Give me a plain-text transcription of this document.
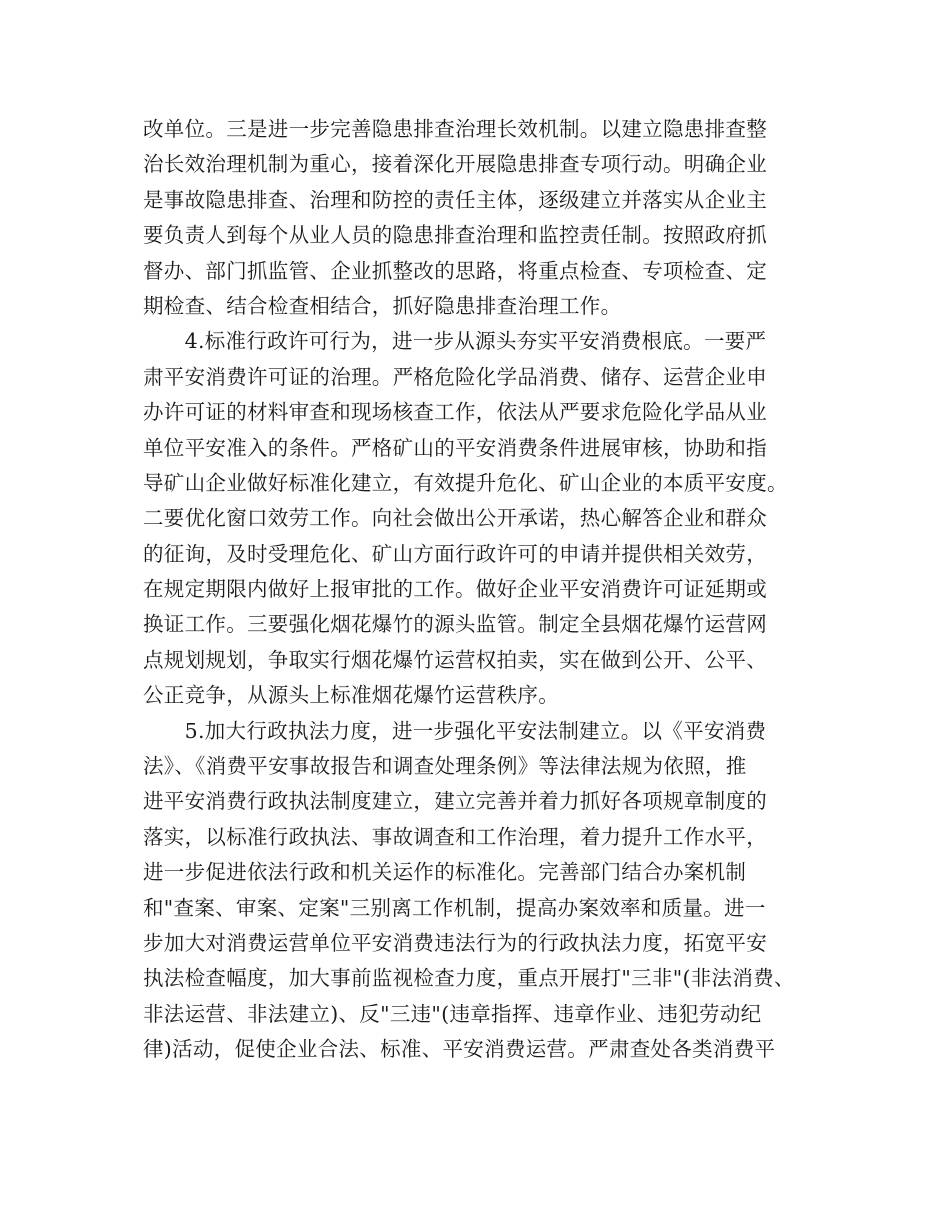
改单位。三是进一步完善隐患排查治理长效机制。以建立隐患排查整
治长效治理机制为重心，接着深化开展隐患排查专项行动。明确企业
是事故隐患排查、治理和防控的责任主体，逐级建立并落实从企业主
要负责人到每个从业人员的隐患排查治理和监控责任制。按照政府抓
督办、部门抓监管、企业抓整改的思路，将重点检查、专项检查、定
期检查、结合检查相结合，抓好隐患排查治理工作。
　　4.标准行政许可行为，进一步从源头夯实平安消费根底。一要严
肃平安消费许可证的治理。严格危险化学品消费、储存、运营企业申
办许可证的材料审查和现场核查工作，依法从严要求危险化学品从业
单位平安准入的条件。严格矿山的平安消费条件进展审核，协助和指
导矿山企业做好标准化建立，有效提升危化、矿山企业的本质平安度。
二要优化窗口效劳工作。向社会做出公开承诺，热心解答企业和群众
的征询，及时受理危化、矿山方面行政许可的申请并提供相关效劳，
在规定期限内做好上报审批的工作。做好企业平安消费许可证延期或
换证工作。三要强化烟花爆竹的源头监管。制定全县烟花爆竹运营网
点规划规划，争取实行烟花爆竹运营权拍卖，实在做到公开、公平、
公正竞争，从源头上标准烟花爆竹运营秩序。
　　5.加大行政执法力度，进一步强化平安法制建立。以《平安消费
法》、《消费平安事故报告和调查处理条例》等法律法规为依照，推
进平安消费行政执法制度建立，建立完善并着力抓好各项规章制度的
落实，以标准行政执法、事故调查和工作治理，着力提升工作水平，
进一步促进依法行政和机关运作的标准化。完善部门结合办案机制
和"查案、审案、定案"三别离工作机制，提高办案效率和质量。进一
步加大对消费运营单位平安消费违法行为的行政执法力度，拓宽平安
执法检查幅度，加大事前监视检查力度，重点开展打"三非"(非法消费、
非法运营、非法建立)、反"三违"(违章指挥、违章作业、违犯劳动纪
律)活动，促使企业合法、标准、平安消费运营。严肃查处各类消费平
